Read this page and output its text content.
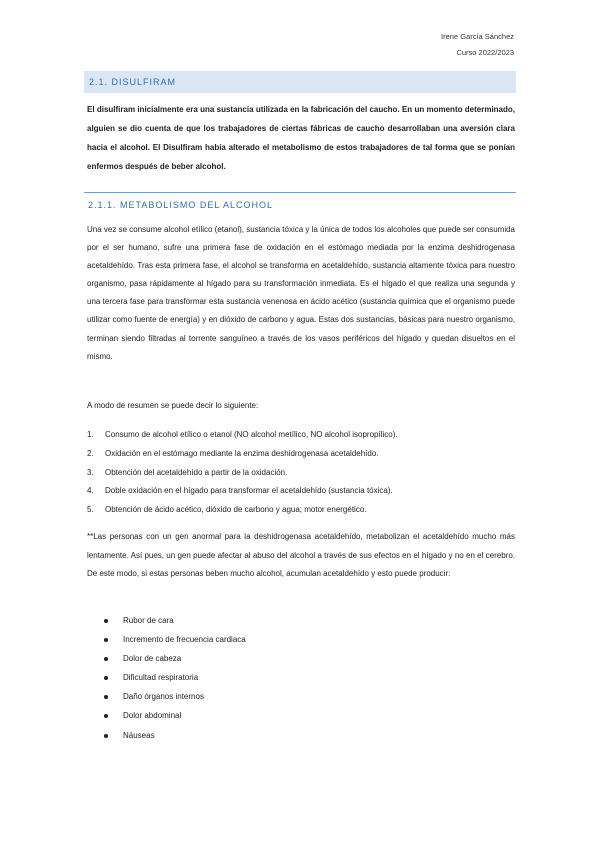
Irene García Sánchez
Curso 2022/2023
2.1. DISULFIRAM
El disulfiram inicialmente era una sustancia utilizada en la fabricación del caucho. En un momento determinado, alguien se dio cuenta de que los trabajadores de ciertas fábricas de caucho desarrollaban una aversión clara hacia el alcohol. El Disulfiram había alterado el metabolismo de estos trabajadores de tal forma que se ponían enfermos después de beber alcohol.
2.1.1. METABOLISMO DEL ALCOHOL
Una vez se consume alcohol etílico (etanol), sustancia tóxica y la única de todos los alcoholes que puede ser consumida por el ser humano, sufre una primera fase de oxidación en el estómago mediada por la enzima deshidrogenasa acetaldehído. Tras esta primera fase, el alcohol se transforma en acetaldehído, sustancia altamente tóxica para nuestro organismo, pasa rápidamente al hígado para su transformación inmediata. Es el hígado el que realiza una segunda y una tercera fase para transformar esta sustancia venenosa en ácido acético (sustancia química que el organismo puede utilizar como fuente de energía) y en dióxido de carbono y agua. Estas dos sustancias, básicas para nuestro organismo, terminan siendo filtradas al torrente sanguíneo a través de los vasos periféricos del hígado y quedan disueltos en el mismo.
A modo de resumen se puede decir lo siguiente:
1. Consumo de alcohol etílico o etanol (NO alcohol metílico, NO alcohol isopropílico).
2. Oxidación en el estómago mediante la enzima deshidrogenasa acetaldehído.
3. Obtención del acetaldehído a partir de la oxidación.
4. Doble oxidación en el hígado para transformar el acetaldehído (sustancia tóxica).
5. Obtención de ácido acético, dióxido de carbono y agua; motor energético.
**Las personas con un gen anormal para la deshidrogenasa acetaldehído, metabolizan el acetaldehído mucho más lentamente. Así pues, un gen puede afectar al abuso del alcohol a través de sus efectos en el hígado y no en el cerebro. De este modo, si estas personas beben mucho alcohol, acumulan acetaldehído y esto puede producir:
Rubor de cara
Incremento de frecuencia cardiaca
Dolor de cabeza
Dificultad respiratoria
Daño órganos internos
Dolor abdominal
Náuseas
